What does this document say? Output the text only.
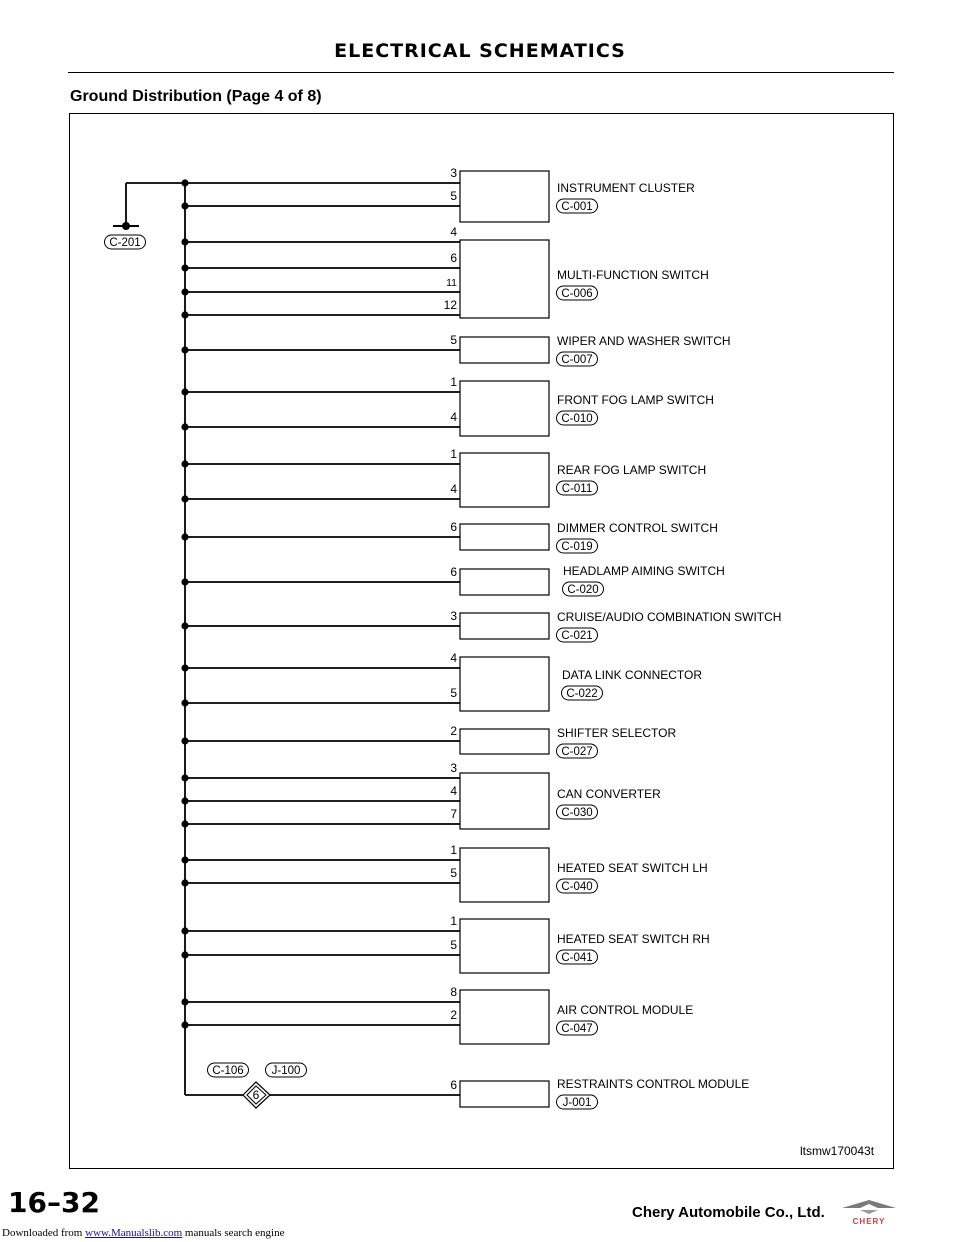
ELECTRICAL SCHEMATICS
Ground Distribution (Page 4 of 8)
C-201
3
5
INSTRUMENT CLUSTER
C-001
4
6
11
12
MULTI-FUNCTION SWITCH
C-006
5	WIPER AND WASHER SWITCH
C-007
1
4
FRONT FOG LAMP SWITCH
C-010
1
4
REAR FOG LAMP SWITCH
C-011
6	DIMMER CONTROL SWITCH
C-019
6	HEADLAMP AIMING SWITCH
C-020
3	CRUISE/AUDIO COMBINATION SWITCH
C-021
4
5
DATA LINK CONNECTOR
C-022
2	SHIFTER SELECTOR
C-027
3
4
7
CAN CONVERTER
C-030
1
5	HEATED SEAT SWITCH LH
C-040
1
5	HEATED SEAT SWITCH RH
C-041
8
2	AIR CONTROL MODULE
C-047
6	RESTRAINTS CONTROL MODULE
J-001
6
C-106 J-100
ltsmw170043t
16–32	Chery Automobile Co., Ltd.
CHERY
Downloaded from www.Manualslib.com manuals search engine
